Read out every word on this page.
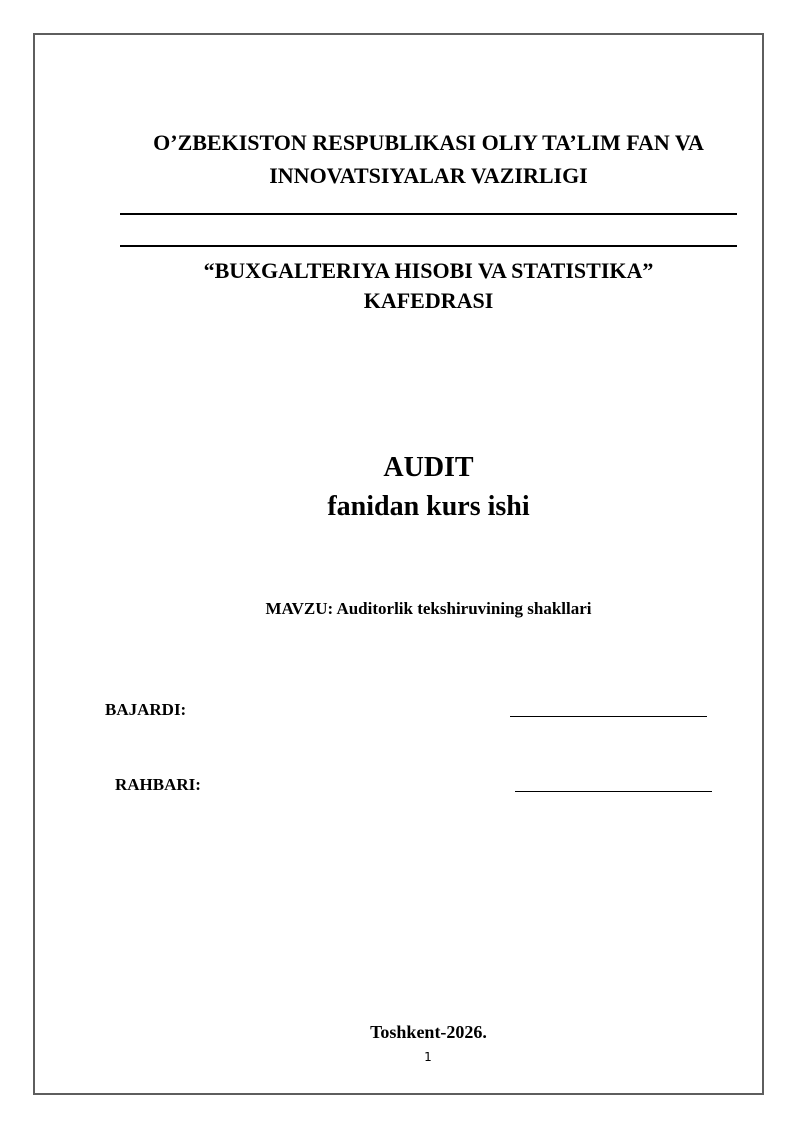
O’ZBEKISTON RESPUBLIKASI OLIY TA’LIM FAN VA
INNOVATSIYALAR VAZIRLIGI
“BUXGALTERIYA HISOBI VA STATISTIKA”
KAFEDRASI
AUDIT
fanidan kurs ishi
MAVZU: Auditorlik tekshiruvining shakllari
BAJARDI:
RAHBARI:
Toshkent-2026.
1
